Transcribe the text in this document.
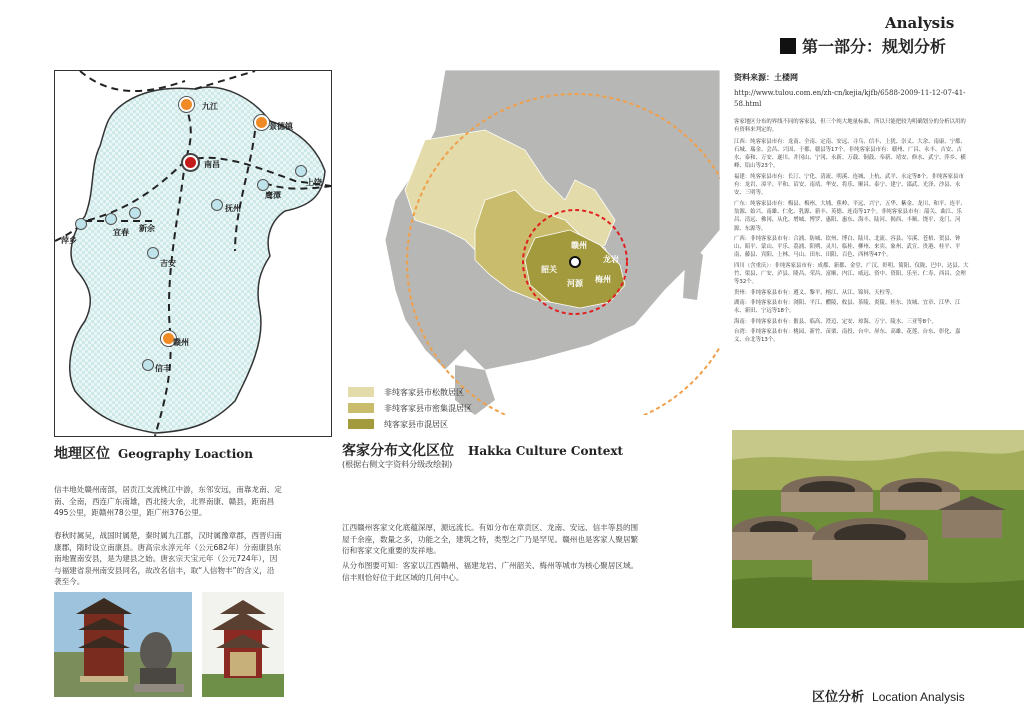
Analysis
第一部分：规划分析
九江
景德镇
南昌
上饶
鹰潭
抚州
新余
宜春
萍乡
吉安
赣州
信丰
地理区位 Geography Loaction
信丰地处赣州南部，居贡江支流桃江中游，东邻安远，南靠龙南、定南、全南，西连广东南雄，西北接大余，北界南康、赣县，距南昌495公里，距赣州78公里，距广州376公里。
春秋时属吴，战国时属楚，秦时属九江郡，汉时属豫章郡，西晋归南康郡，隋时设立南康县。唐高宗永淳元年（公元682年）分南康县东南地置南安县，是为建县之始。唐玄宗天宝元年（公元724年），因与福建省泉州南安县同名，故改名信丰，取“人信物丰”的含义，沿袭至今。
赣州
龙岩
韶关
河源 梅州
非纯客家县市松散居区
非纯客家县市密集混居区
纯客家县市混居区
客家分布文化区位 Hakka Culture Context
(根据右侧文字资料分级改绘制)
江西赣州客家文化底蕴深厚，源远流长。有如分布在章贡区、龙南、安远、信丰等县的围屋千余座，数量之多，功能之全，建筑之特，类型之广乃是罕见。赣州也是客家人聚居繁衍和客家文化重要的发祥地。
从分布图要可知：客家以江西赣州、福建龙岩、广州韶关、梅州等城市为核心聚居区域。信丰则恰好位于此区域的几何中心。
资料来源：土楼网
http://www.tulou.com.en/zh-cn/kejia/kjfb/6588-2009-11-12-07-41-58.html

客家地区分布的界线不同的客家县，但三个纯大地量标准，所以只能把较为明确划分的分析以用的有资料来判定的。

江西：纯客家县市有：龙南、全南、定南、安远、寻乌、信丰、上犹、崇义、大余、南康、宁都、石城、瑞金、会昌、兴国、于都、赣县等17个。非纯客家县市有：赣州、广昌、永丰、吉安、吉水、泰和、万安、遂川、井冈山、宁冈、永新、万载、铜鼓、奉新、靖安、修水、武宁、萍乡、横峰、铅山等23个。

福建：纯客家县市有：长汀、宁化、清流、明溪、连城、上杭、武平、永定等8个。非纯客家县市有：龙岩、漳平、平和、诏安、南靖、华安、将乐、顺昌、泰宁、建宁、邵武、光泽、沙县、永安、三明等。

广东：纯客家县市有：梅县、梅州、大埔、蕉岭、平远、兴宁、五华、紫金、龙川、和平、连平、翁源、始兴、南雄、仁化、乳源、新丰、英德、连南等17个。非纯客家县市有：韶关、曲江、乐昌、清远、佛冈、从化、增城、博罗、惠阳、惠东、海丰、陆河、揭西、丰顺、饶平、龙门、河源、东源等。

广西：非纯客家县市有：合浦、防城、钦州、博白、陆川、北流、容县、岑溪、苍梧、贺县、钟山、昭平、蒙山、平乐、荔浦、阳朔、灵川、临桂、柳州、来宾、象州、武宣、贵港、桂平、平南、藤县、宾阳、上林、马山、田东、田阳、百色、西林等47个。

四川（含重庆）：非纯客家县市有：成都、新都、金堂、广汉、彰明、简阳、仪陇、巴中、达县、大竹、渠县、广安、泸县、隆昌、荣昌、富顺、内江、威远、资中、资阳、乐至、仁寿、西昌、会理等32个。

贵州：非纯客家县市有：遵义、黎平、榕江、从江、锦屏、天柱等。

湖南：非纯客家县市有：浏阳、平江、醴陵、攸县、茶陵、炎陵、桂东、汝城、宜章、江华、江永、新田、宁远等18个。

海南：非纯客家县市有：儋县、临高、澄迈、定安、琼海、万宁、陵水、三亚等8个。

台湾：非纯客家县市有：桃园、新竹、苗栗、南投、台中、屏东、高雄、花莲、台东、彰化、嘉义、台北等13个。

区位分析 Location Analysis
